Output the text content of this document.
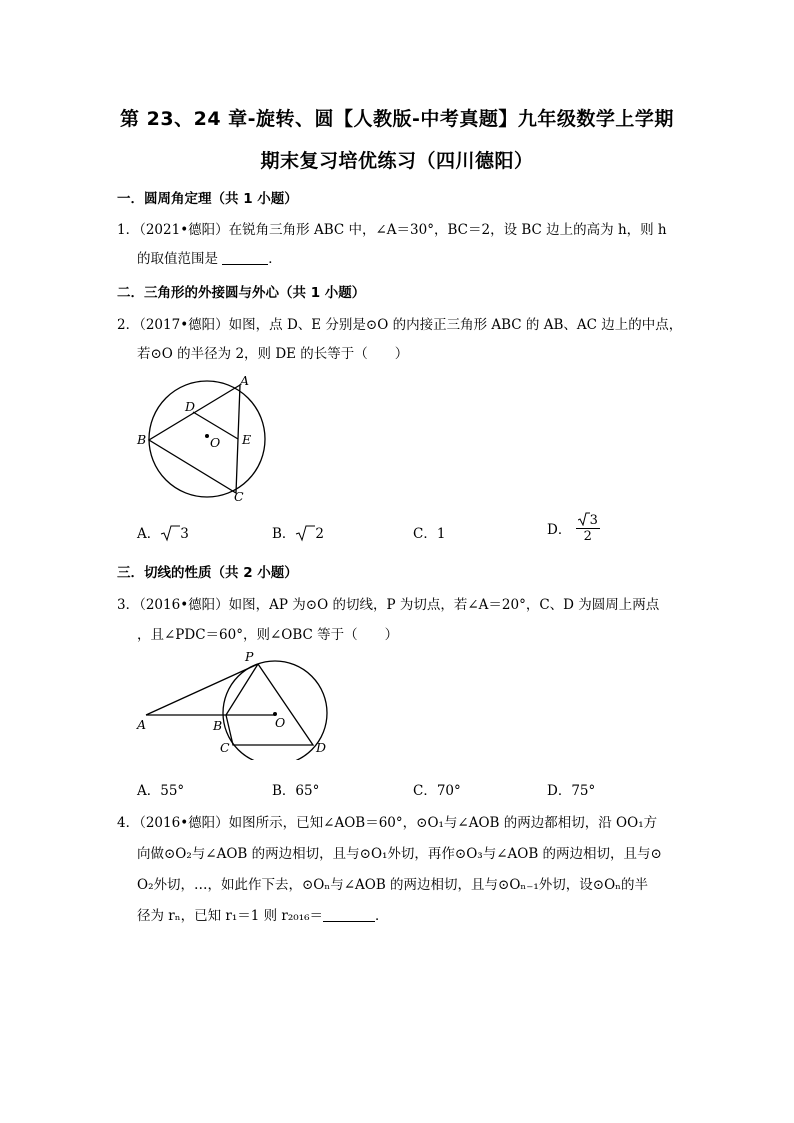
第 23、24 章-旋转、圆【人教版-中考真题】九年级数学上学期
期末复习培优练习（四川德阳）
一．圆周角定理（共 1 小题）
1．（2021•德阳）在锐角三角形 ABC 中，∠A＝30°，BC＝2，设 BC 边上的高为 h，则 h
的取值范围是	．
二．三角形的外接圆与外心（共 1 小题）
2．（2017•德阳）如图，点 D、E 分别是⊙O 的内接正三角形 ABC 的 AB、AC 边上的中点，
若⊙O 的半径为 2，则 DE 的长等于（　　）
A
B
C
D
E
O
A． 3	B． 2	C．1	D． $\frac{3}{2}$
三．切线的性质（共 2 小题）
3．（2016•德阳）如图，AP 为⊙O 的切线，P 为切点，若∠A＝20°，C、D 为圆周上两点
，且∠PDC＝60°，则∠OBC 等于（　　）
P
A	B	O
C	D
A．55°	B．65°	C．70°	D．75°
4．（2016•德阳）如图所示，已知∠AOB＝60°，⊙O₁与∠AOB 的两边都相切，沿 OO₁方
向做⊙O₂与∠AOB 的两边相切，且与⊙O₁外切，再作⊙O₃与∠AOB 的两边相切，且与⊙
O₂外切，…，如此作下去，⊙Oₙ与∠AOB 的两边相切，且与⊙Oₙ₋₁外切，设⊙Oₙ的半
径为 rₙ，已知 r₁＝1 则 r₂₀₁₆＝	．
